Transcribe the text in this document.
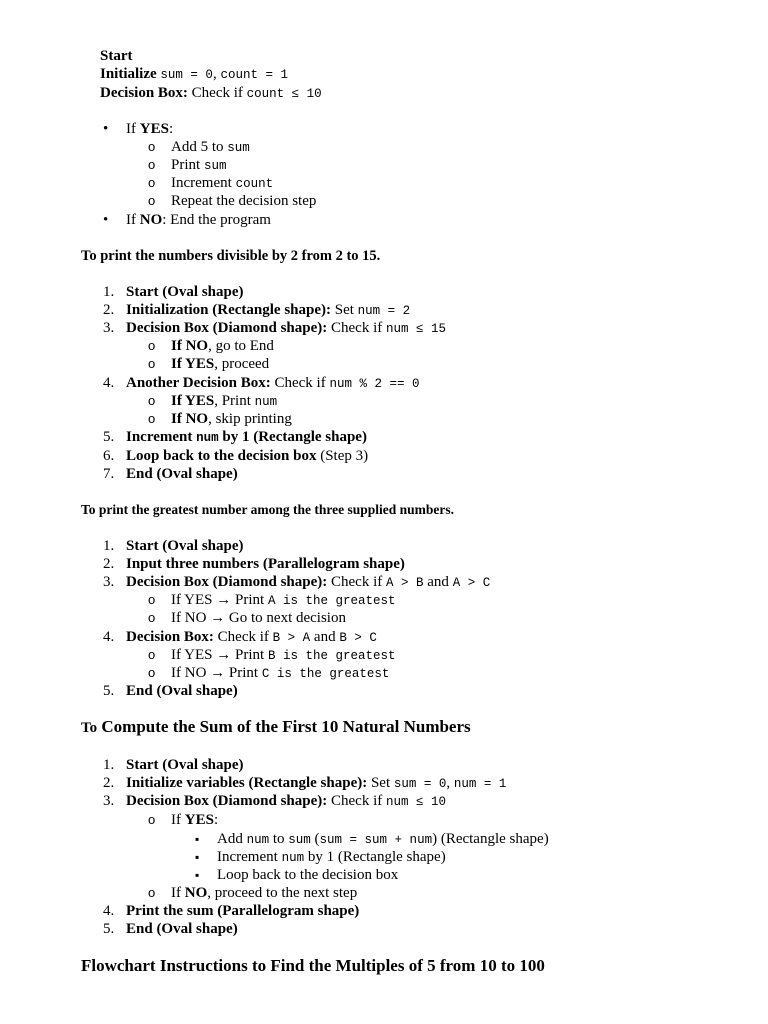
Start
Initialize sum = 0, count = 1
Decision Box: Check if count ≤ 10
•
If YES:
o
Add 5 to sum
o
Print sum
o
Increment count
o
Repeat the decision step
•
If NO: End the program
To print the numbers divisible by 2 from 2 to 15.
1. Start (Oval shape)
2. Initialization (Rectangle shape): Set num = 2
3. Decision Box (Diamond shape): Check if num ≤ 15
o
If NO, go to End
o
If YES, proceed
4. Another Decision Box: Check if num % 2 == 0
o
If YES, Print num
o
If NO, skip printing
5. Increment num by 1 (Rectangle shape)
6. Loop back to the decision box (Step 3)
7. End (Oval shape)
To print the greatest number among the three supplied numbers.
1. Start (Oval shape)
2. Input three numbers (Parallelogram shape)
3. Decision Box (Diamond shape): Check if A > B and A > C
o
If YES → Print A is the greatest
o
If NO → Go to next decision
4. Decision Box: Check if B > A and B > C
o
If YES → Print B is the greatest
o
If NO → Print C is the greatest
5. End (Oval shape)
To Compute the Sum of the First 10 Natural Numbers
1. Start (Oval shape)
2. Initialize variables (Rectangle shape): Set sum = 0, num = 1
3. Decision Box (Diamond shape): Check if num ≤ 10
o
If YES:
▪
Add num to sum (sum = sum + num) (Rectangle shape)
▪
Increment num by 1 (Rectangle shape)
▪
Loop back to the decision box
o
If NO, proceed to the next step
4. Print the sum (Parallelogram shape)
5. End (Oval shape)
Flowchart Instructions to Find the Multiples of 5 from 10 to 100
